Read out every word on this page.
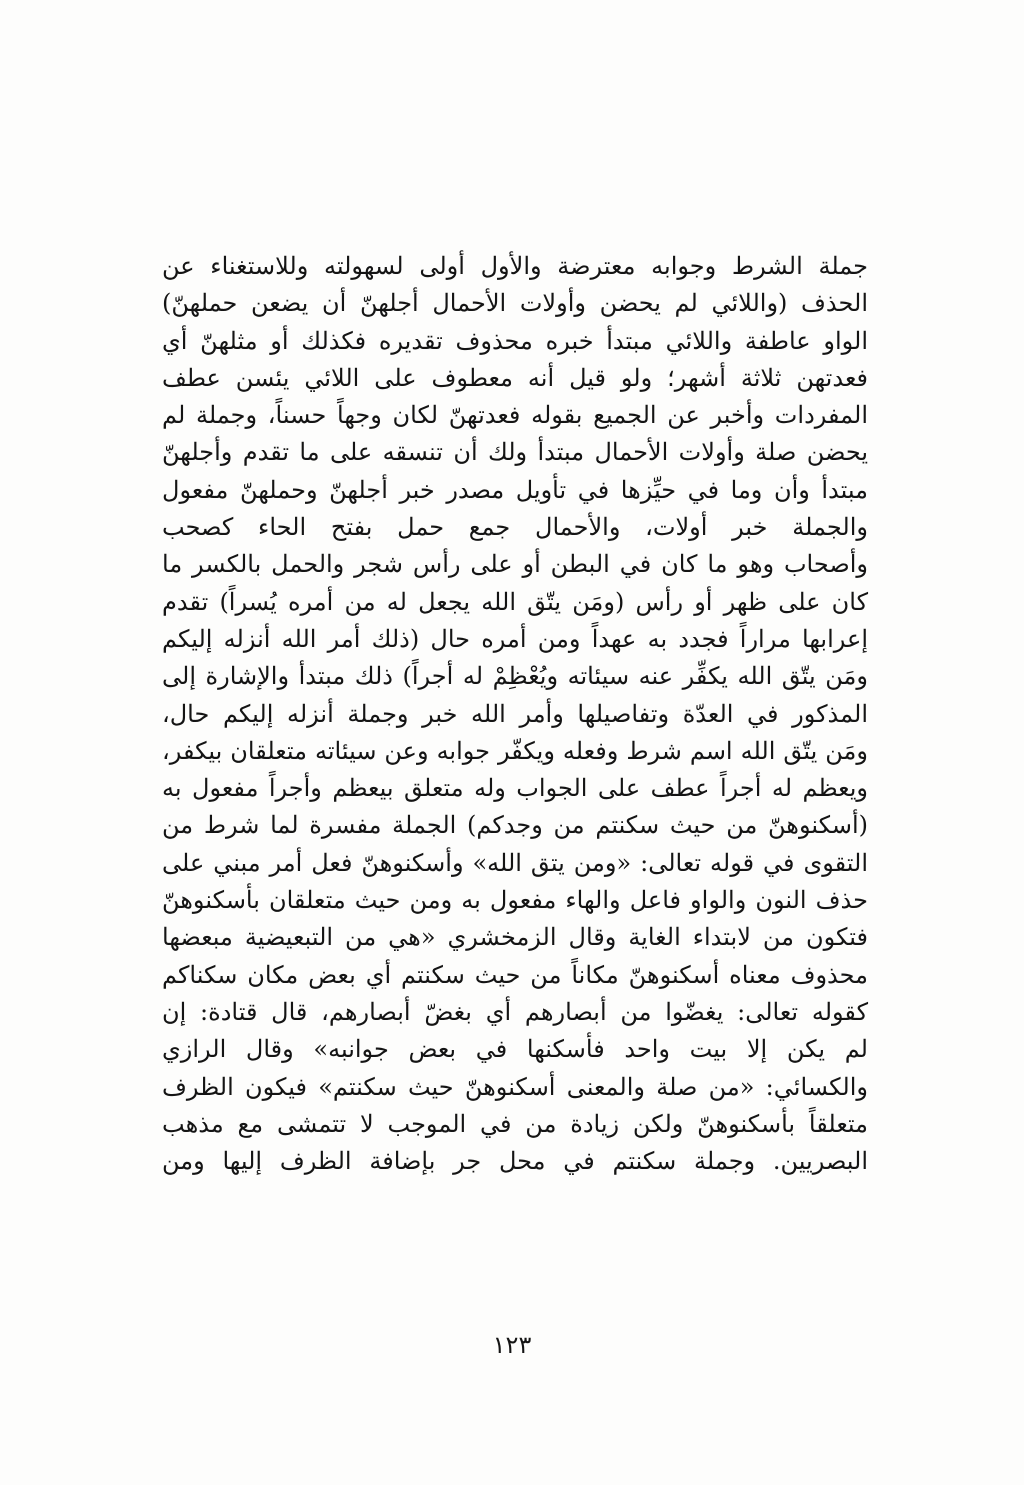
جملة الشرط وجوابه معترضة والأول أولى لسهولته وللاستغناء عن
الحذف (واللائي لم يحضن وأولات الأحمال أجلهنّ أن يضعن حملهنّ)
الواو عاطفة واللائي مبتدأ خبره محذوف تقديره فكذلك أو مثلهنّ أي
فعدتهن ثلاثة أشهر؛ ولو قيل أنه معطوف على اللائي يئسن عطف
المفردات وأخبر عن الجميع بقوله فعدتهنّ لكان وجهاً حسناً، وجملة لم
يحضن صلة وأولات الأحمال مبتدأ ولك أن تنسقه على ما تقدم وأجلهنّ
مبتدأ وأن وما في حيِّزها في تأويل مصدر خبر أجلهنّ وحملهنّ مفعول
والجملة خبر أولات، والأحمال جمع حمل بفتح الحاء كصحب
وأصحاب وهو ما كان في البطن أو على رأس شجر والحمل بالكسر ما
كان على ظهر أو رأس (ومَن يتّق الله يجعل له من أمره يُسراً) تقدم
إعرابها مراراً فجدد به عهداً ومن أمره حال (ذلك أمر الله أنزله إليكم
ومَن يتّق الله يكفِّر عنه سيئاته ويُعْظِمْ له أجراً) ذلك مبتدأ والإشارة إلى
المذكور في العدّة وتفاصيلها وأمر الله خبر وجملة أنزله إليكم حال،
ومَن يتّق الله اسم شرط وفعله ويكفّر جوابه وعن سيئاته متعلقان بيكفر،
ويعظم له أجراً عطف على الجواب وله متعلق بيعظم وأجراً مفعول به
(أسكنوهنّ من حيث سكنتم من وجدكم) الجملة مفسرة لما شرط من
التقوى في قوله تعالى: «ومن يتق الله» وأسكنوهنّ فعل أمر مبني على
حذف النون والواو فاعل والهاء مفعول به ومن حيث متعلقان بأسكنوهنّ
فتكون من لابتداء الغاية وقال الزمخشري «هي من التبعيضية مبعضها
محذوف معناه أسكنوهنّ مكاناً من حيث سكنتم أي بعض مكان سكناكم
كقوله تعالى: يغضّوا من أبصارهم أي بغضّ أبصارهم، قال قتادة: إن
لم يكن إلا بيت واحد فأسكنها في بعض جوانبه» وقال الرازي
والكسائي: «من صلة والمعنى أسكنوهنّ حيث سكنتم» فيكون الظرف
متعلقاً بأسكنوهنّ ولكن زيادة من في الموجب لا تتمشى مع مذهب
البصريين. وجملة سكنتم في محل جر بإضافة الظرف إليها ومن
١٢٣
